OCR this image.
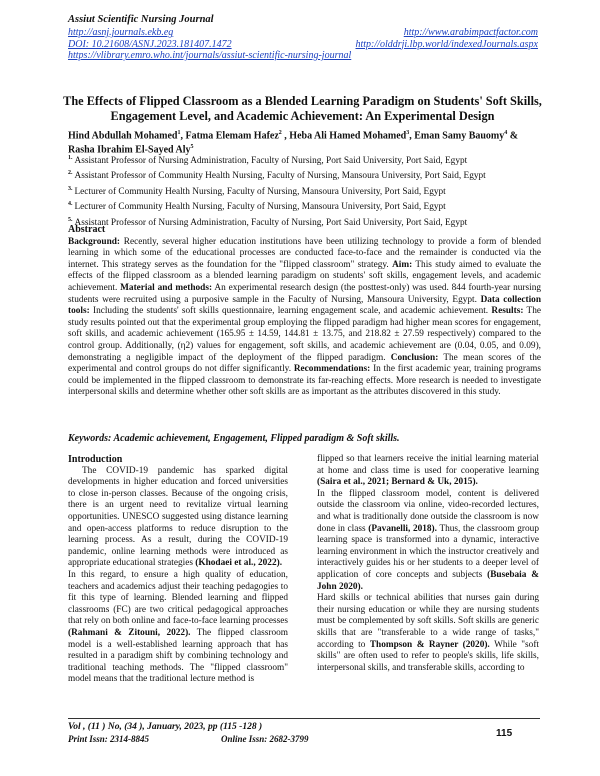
Assiut Scientific Nursing Journal
http://asnj.journals.ekb.eg	http://www.arabimpactfactor.com
DOI: 10.21608/ASNJ.2023.181407.1472	http://olddrji.lbp.world/indexedJournals.aspx
https://vlibrary.emro.who.int/journals/assiut-scientific-nursing-journal
The Effects of Flipped Classroom as a Blended Learning Paradigm on Students' Soft Skills, Engagement Level, and Academic Achievement: An Experimental Design
Hind Abdullah Mohamed$^1$, Fatma Elemam Hafez$^2$ , Heba Ali Hamed Mohamed$^3$, Eman Samy Bauomy$^4$ & Rasha Ibrahim El-Sayed Aly$^5$
$^{1.}$ Assistant Professor of Nursing Administration, Faculty of Nursing, Port Said University, Port Said, Egypt
$^{2.}$ Assistant Professor of Community Health Nursing, Faculty of Nursing, Mansoura University, Port Said, Egypt
$^{3.}$ Lecturer of Community Health Nursing, Faculty of Nursing, Mansoura University, Port Said, Egypt
$^{4.}$ Lecturer of Community Health Nursing, Faculty of Nursing, Mansoura University, Port Said, Egypt
$^{5.}$ Assistant Professor of Nursing Administration, Faculty of Nursing, Port Said University, Port Said, Egypt
Abstract
Background: Recently, several higher education institutions have been utilizing technology to provide a form of blended learning in which some of the educational processes are conducted face-to-face and the remainder is conducted via the internet. This strategy serves as the foundation for the "flipped classroom" strategy. Aim: This study aimed to evaluate the effects of the flipped classroom as a blended learning paradigm on students' soft skills, engagement levels, and academic achievement. Material and methods: An experimental research design (the posttest-only) was used. 844 fourth-year nursing students were recruited using a purposive sample in the Faculty of Nursing, Mansoura University, Egypt. Data collection tools: Including the students' soft skills questionnaire, learning engagement scale, and academic achievement. Results: The study results pointed out that the experimental group employing the flipped paradigm had higher mean scores for engagement, soft skills, and academic achievement (165.95 ± 14.59, 144.81 ± 13.75, and 218.82 ± 27.59 respectively) compared to the control group. Additionally, (η2) values for engagement, soft skills, and academic achievement are (0.04, 0.05, and 0.09), demonstrating a negligible impact of the deployment of the flipped paradigm. Conclusion: The mean scores of the experimental and control groups do not differ significantly. Recommendations: In the first academic year, training programs could be implemented in the flipped classroom to demonstrate its far-reaching effects. More research is needed to investigate interpersonal skills and determine whether other soft skills are as important as the attributes discovered in this study.
Keywords: Academic achievement, Engagement, Flipped paradigm & Soft skills.
Introduction

The COVID-19 pandemic has sparked digital developments in higher education and forced universities to close in-person classes. Because of the ongoing crisis, there is an urgent need to revitalize virtual learning opportunities. UNESCO suggested using distance learning and open-access platforms to reduce disruption to the learning process. As a result, during the COVID-19 pandemic, online learning methods were introduced as appropriate educational strategies (Khodaei et al., 2022).

In this regard, to ensure a high quality of education, teachers and academics adjust their teaching pedagogies to fit this type of learning. Blended learning and flipped classrooms (FC) are two critical pedagogical approaches that rely on both online and face-to-face learning processes (Rahmani & Zitouni, 2022). The flipped classroom model is a well-established learning approach that has resulted in a paradigm shift by combining technology and traditional teaching methods. The "flipped classroom" model means that the traditional lecture method is

flipped so that learners receive the initial learning material at home and class time is used for cooperative learning (Saira et al., 2021; Bernard & Uk, 2015).

In the flipped classroom model, content is delivered outside the classroom via online, video-recorded lectures, and what is traditionally done outside the classroom is now done in class (Pavanelli, 2018). Thus, the classroom group learning space is transformed into a dynamic, interactive learning environment in which the instructor creatively and interactively guides his or her students to a deeper level of application of core concepts and subjects (Busebaia & John 2020).

Hard skills or technical abilities that nurses gain during their nursing education or while they are nursing students must be complemented by soft skills. Soft skills are generic skills that are "transferable to a wide range of tasks," according to Thompson & Rayner (2020). While "soft skills" are often used to refer to people's skills, life skills, interpersonal skills, and transferable skills, according to

Vol , (11 ) No, (34 ), January, 2023, pp (115 -128 )
Print Issn: 2314-8845	Online Issn: 2682-3799	115
